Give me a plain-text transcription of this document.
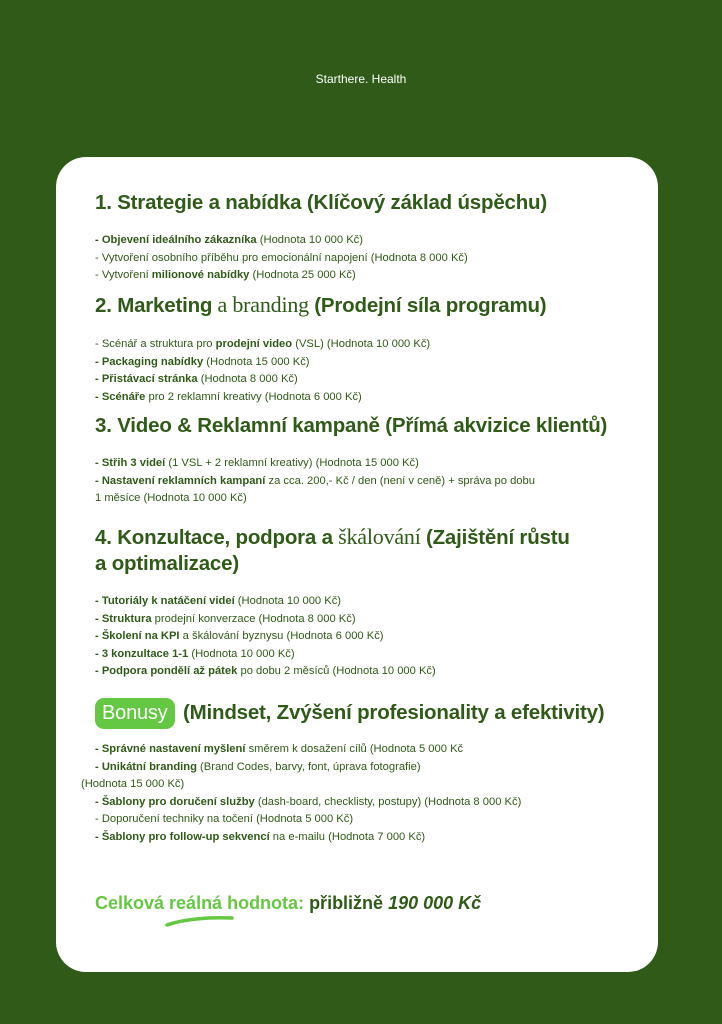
Starthere. Health
1. Strategie a nabídka (Klíčový základ úspěchu)
- Objevení ideálního zákazníka (Hodnota 10 000 Kč)
- Vytvoření osobního příběhu pro emocionální napojení (Hodnota 8 000 Kč)
- Vytvoření milionové nabídky (Hodnota 25 000 Kč)
2. Marketing a branding (Prodejní síla programu)
- Scénář a struktura pro prodejní video (VSL) (Hodnota 10 000 Kč)
- Packaging nabídky (Hodnota 15 000 Kč)
- Přistávací stránka (Hodnota 8 000 Kč)
- Scénáře pro 2 reklamní kreativy (Hodnota 6 000 Kč)
3. Video & Reklamní kampaně (Přímá akvizice klientů)
- Střih 3 videí (1 VSL + 2 reklamní kreativy) (Hodnota 15 000 Kč)
- Nastavení reklamních kampaní za cca. 200,- Kč / den (není v ceně) + správa po dobu
1 měsíce (Hodnota 10 000 Kč)
4. Konzultace, podpora a škálování (Zajištění růstu
a optimalizace)
- Tutoriály k natáčení videí (Hodnota 10 000 Kč)
- Struktura prodejní konverzace (Hodnota 8 000 Kč)
- Školení na KPI a škálování byznysu (Hodnota 6 000 Kč)
- 3 konzultace 1-1 (Hodnota 10 000 Kč)
- Podpora pondělí až pátek po dobu 2 měsíců (Hodnota 10 000 Kč)
Bonusy (Mindset, Zvýšení profesionality a efektivity)
- Správné nastavení myšlení směrem k dosažení cílů (Hodnota 5 000 Kč
- Unikátní branding (Brand Codes, barvy, font, úprava fotografie)
(Hodnota 15 000 Kč)
- Šablony pro doručení služby (dash-board, checklisty, postupy) (Hodnota 8 000 Kč)
- Doporučení techniky na točení (Hodnota 5 000 Kč)
- Šablony pro follow-up sekvencí na e-mailu (Hodnota 7 000 Kč)
Celková reálná hodnota: přibližně 190 000 Kč
